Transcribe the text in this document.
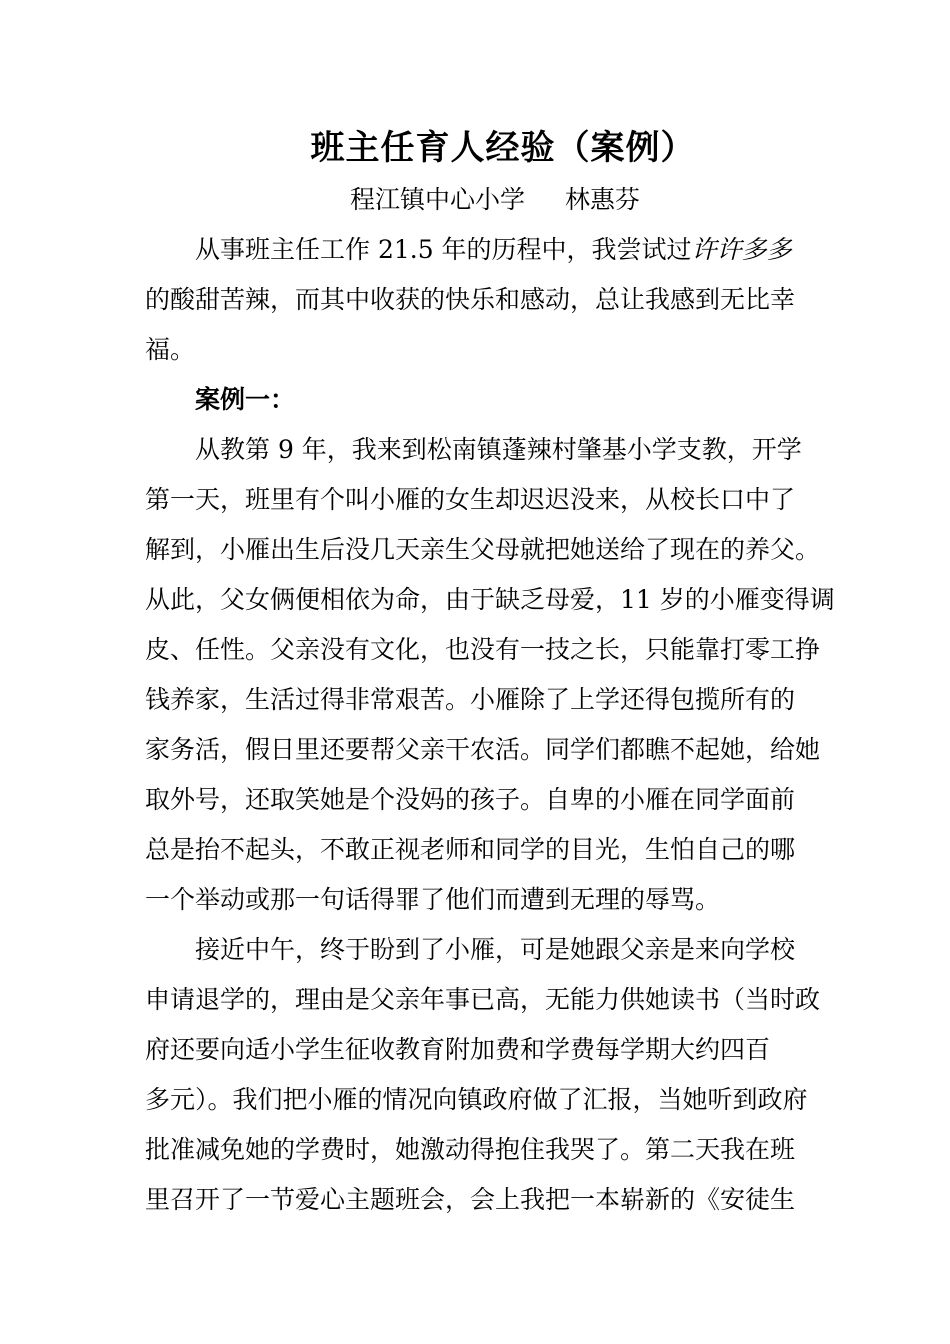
班主任育人经验（案例）
程江镇中心小学 林惠芬
从事班主任工作 21.5 年的历程中，我尝试过许许多多
的酸甜苦辣，而其中收获的快乐和感动，总让我感到无比幸
福。
案例一：
从教第 9 年，我来到松南镇蓬辣村肇基小学支教，开学
第一天，班里有个叫小雁的女生却迟迟没来，从校长口中了
解到，小雁出生后没几天亲生父母就把她送给了现在的养父。
从此，父女俩便相依为命，由于缺乏母爱，11 岁的小雁变得调
皮、任性。父亲没有文化，也没有一技之长，只能靠打零工挣
钱养家，生活过得非常艰苦。小雁除了上学还得包揽所有的
家务活，假日里还要帮父亲干农活。同学们都瞧不起她，给她
取外号，还取笑她是个没妈的孩子。自卑的小雁在同学面前
总是抬不起头，不敢正视老师和同学的目光，生怕自己的哪
一个举动或那一句话得罪了他们而遭到无理的辱骂。
接近中午，终于盼到了小雁，可是她跟父亲是来向学校
申请退学的，理由是父亲年事已高，无能力供她读书（当时政
府还要向适小学生征收教育附加费和学费每学期大约四百
多元）。我们把小雁的情况向镇政府做了汇报，当她听到政府
批准减免她的学费时，她激动得抱住我哭了。第二天我在班
里召开了一节爱心主题班会，会上我把一本崭新的《安徒生
